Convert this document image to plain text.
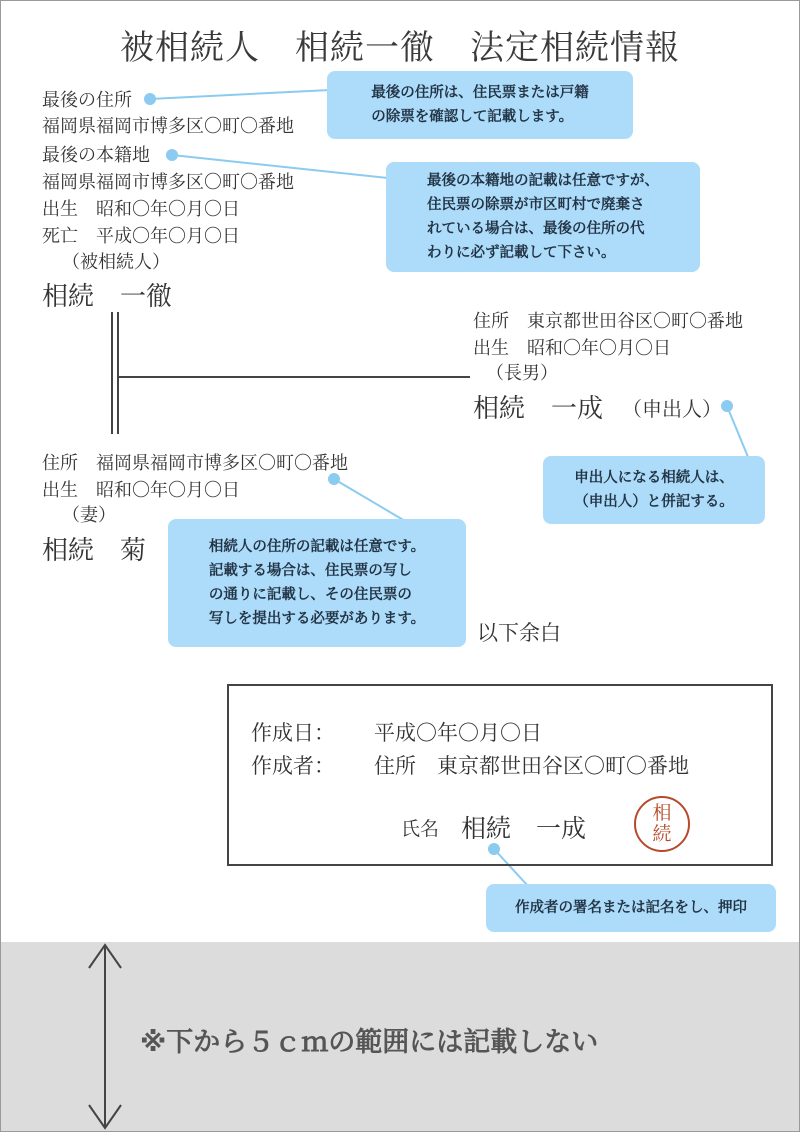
被相続人　相続一徹　法定相続情報
最後の住所
福岡県福岡市博多区〇町〇番地
最後の本籍地
福岡県福岡市博多区〇町〇番地
出生　昭和〇年〇月〇日
死亡　平成〇年〇月〇日
（被相続人）
相続　一徹
住所　東京都世田谷区〇町〇番地
出生　昭和〇年〇月〇日
（長男）
相続　一成 （申出人）
住所　福岡県福岡市博多区〇町〇番地
出生　昭和〇年〇月〇日
（妻）
相続　菊
以下余白
最後の住所は、住民票または戸籍
の除票を確認して記載します。
最後の本籍地の記載は任意ですが、
住民票の除票が市区町村で廃棄さ
れている場合は、最後の住所の代
わりに必ず記載して下さい。
申出人になる相続人は、
（申出人）と併記する。
相続人の住所の記載は任意です。
記載する場合は、住民票の写し
の通りに記載し、その住民票の
写しを提出する必要があります。
作成者の署名または記名をし、押印
作成日： 平成〇年〇月〇日
作成者： 住所　東京都世田谷区〇町〇番地
氏名 相続　一成
相
続
※下から５ｃｍの範囲には記載しない
